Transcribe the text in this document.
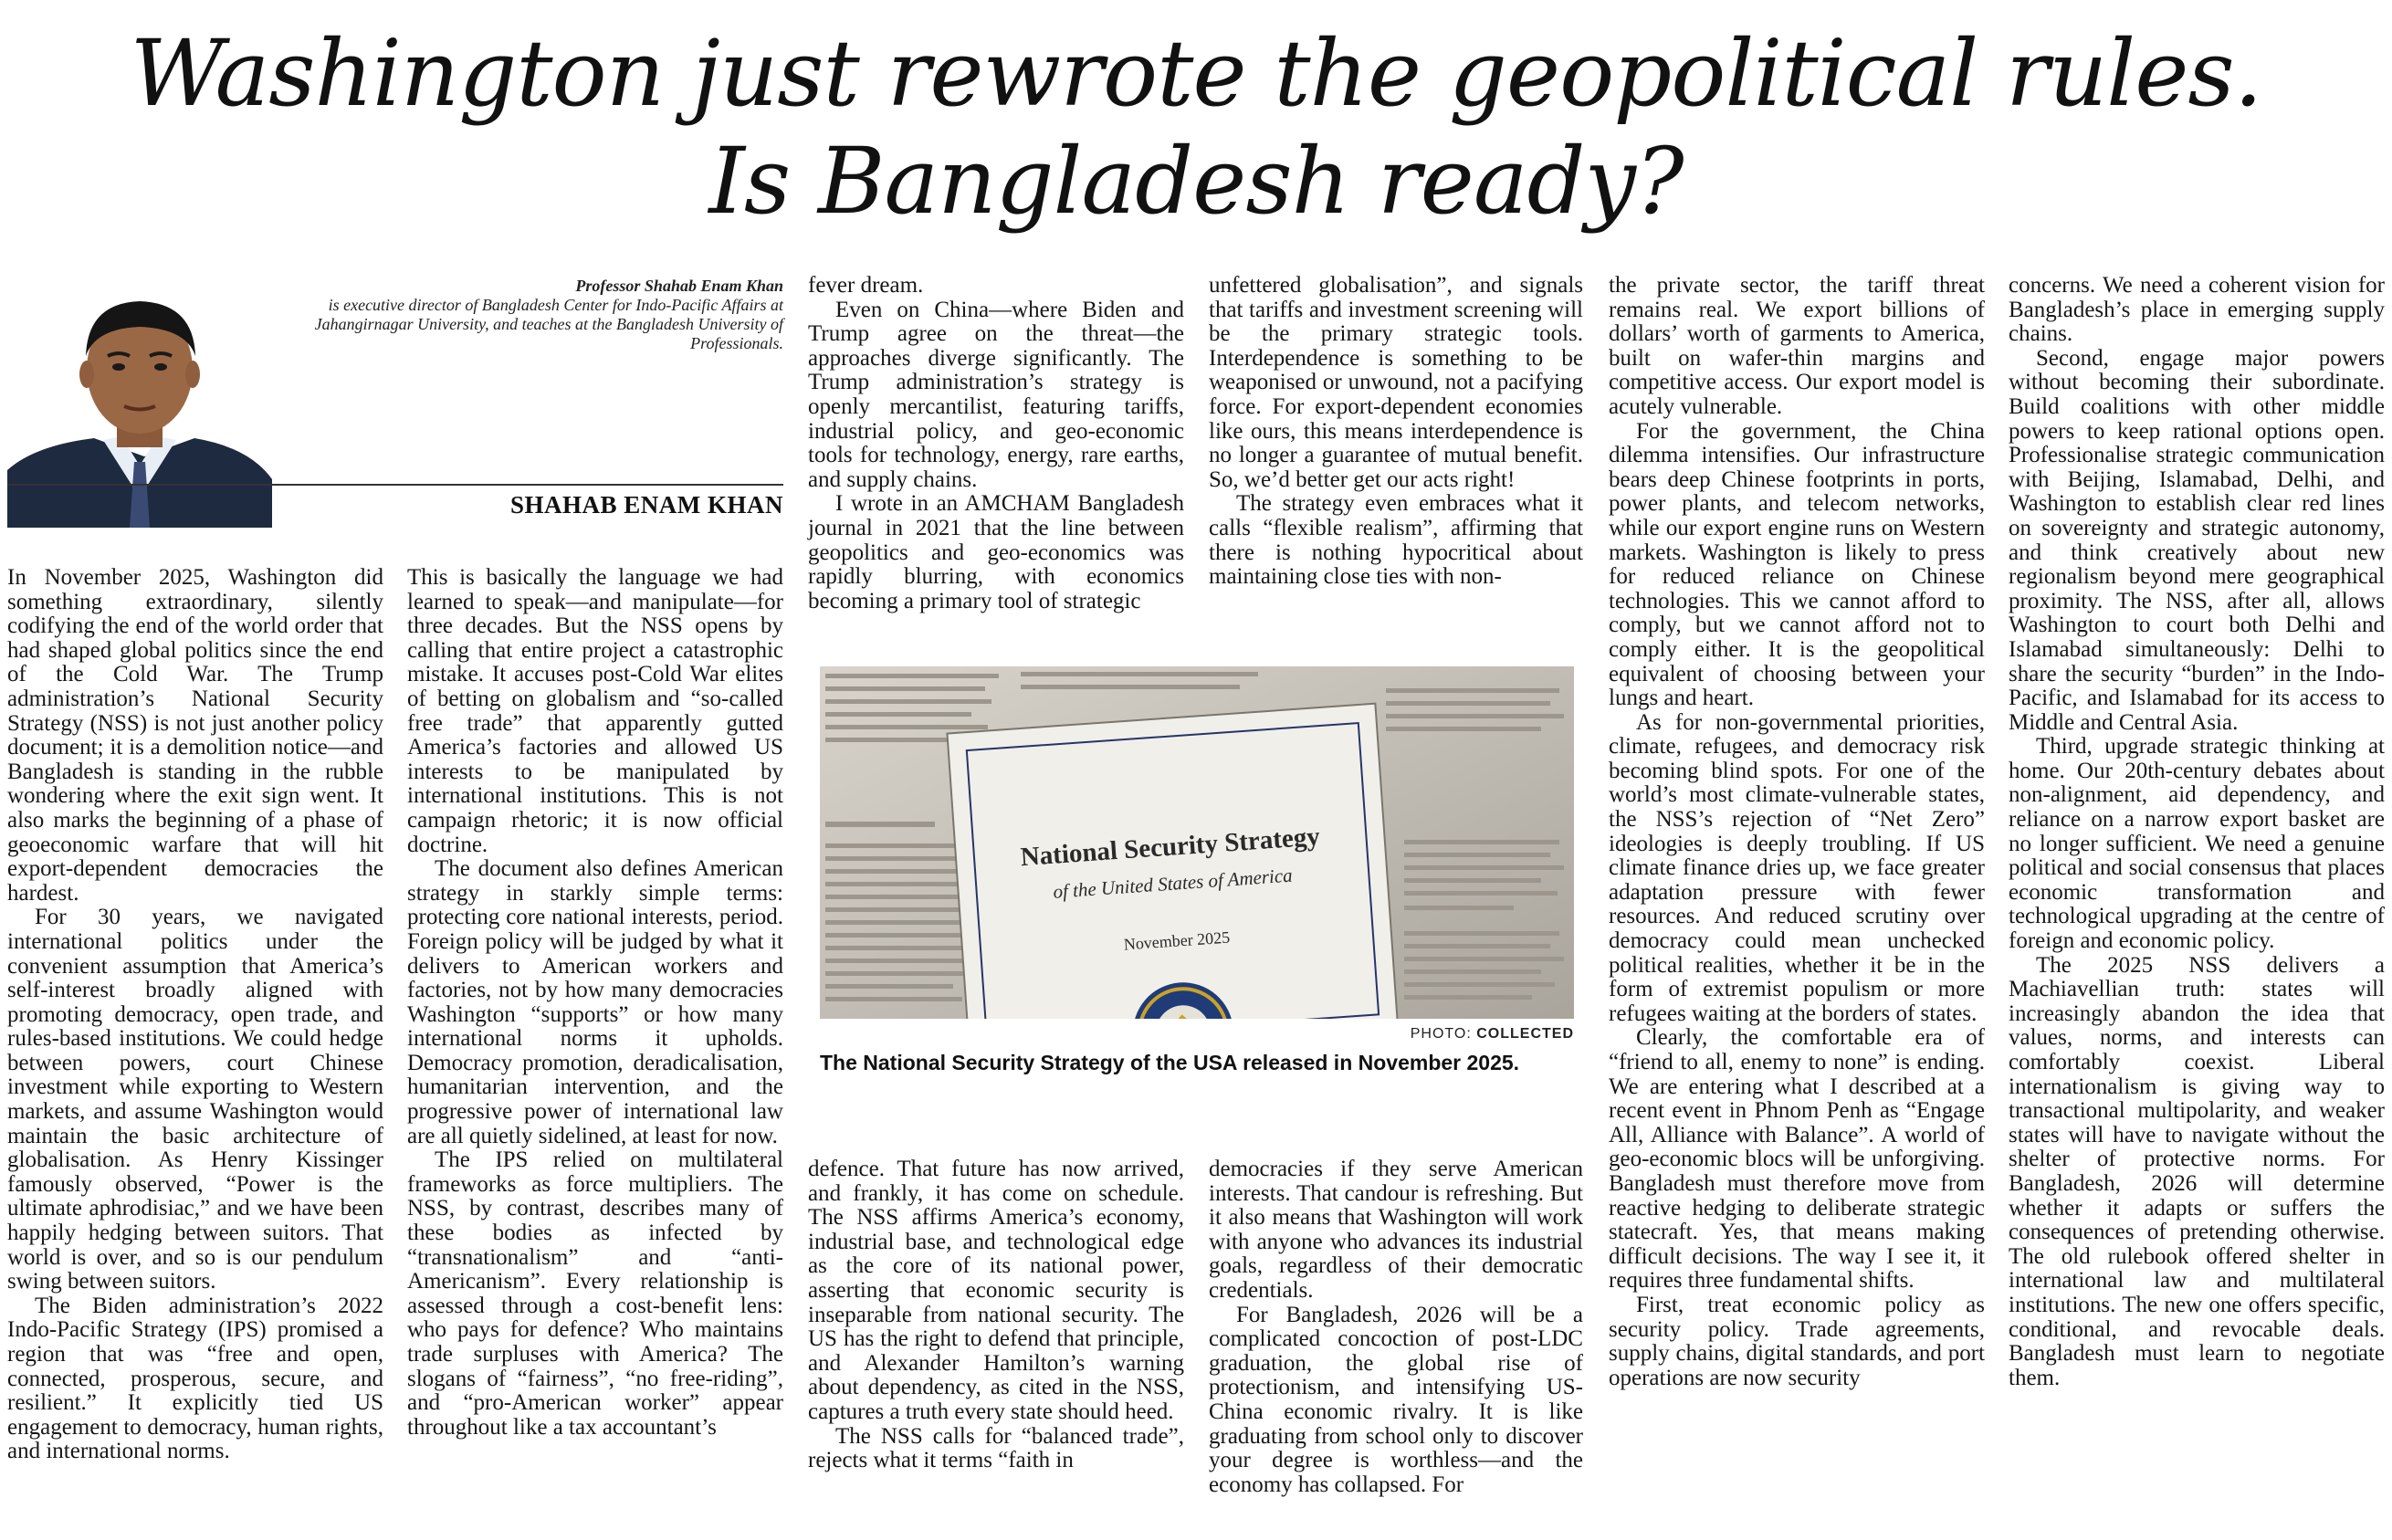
Washington just rewrote the geopolitical rules.
Is Bangladesh ready?
Professor Shahab Enam Khan
is executive director of Bangladesh Center for Indo-Pacific Affairs at Jahangirnagar University, and teaches at the Bangladesh University of Professionals.
SHAHAB ENAM KHAN

In November 2025, Washington did something extraordinary, silently codifying the end of the world order that had shaped global politics since the end of the Cold War. The Trump administration’s National Security Strategy (NSS) is not just another policy document; it is a demolition notice—and Bangladesh is standing in the rubble wondering where the exit sign went. It also marks the beginning of a phase of geoeconomic warfare that will hit export-dependent democracies the hardest.

For 30 years, we navigated international politics under the convenient assumption that America’s self-interest broadly aligned with promoting democracy, open trade, and rules-based institutions. We could hedge between powers, court Chinese investment while exporting to Western markets, and assume Washington would maintain the basic architecture of globalisation. As Henry Kissinger famously observed, “Power is the ultimate aphrodisiac,” and we have been happily hedging between suitors. That world is over, and so is our pendulum swing between suitors.

The Biden administration’s 2022 Indo-Pacific Strategy (IPS) promised a region that was “free and open, connected, prosperous, secure, and resilient.” It explicitly tied US engagement to democracy, human rights, and international norms.

This is basically the language we had learned to speak—and manipulate—for three decades. But the NSS opens by calling that entire project a catastrophic mistake. It accuses post-Cold War elites of betting on globalism and “so-called free trade” that apparently gutted America’s factories and allowed US interests to be manipulated by international institutions. This is not campaign rhetoric; it is now official doctrine.

The document also defines American strategy in starkly simple terms: protecting core national interests, period. Foreign policy will be judged by what it delivers to American workers and factories, not by how many democracies Washington “supports” or how many international norms it upholds. Democracy promotion, deradicalisation, humanitarian intervention, and the progressive power of international law are all quietly sidelined, at least for now.

The IPS relied on multilateral frameworks as force multipliers. The NSS, by contrast, describes many of these bodies as infected by “transnationalism” and “anti-Americanism”. Every relationship is assessed through a cost-benefit lens: who pays for defence? Who maintains trade surpluses with America? The slogans of “fairness”, “no free-riding”, and “pro-American worker” appear throughout like a tax accountant’s

fever dream.

Even on China—where Biden and Trump agree on the threat—the approaches diverge significantly. The Trump administration’s strategy is openly mercantilist, featuring tariffs, industrial policy, and geo-economic tools for technology, energy, rare earths, and supply chains.

I wrote in an AMCHAM Bangladesh journal in 2021 that the line between geopolitics and geo-economics was rapidly blurring, with economics becoming a primary tool of strategic

unfettered globalisation”, and signals that tariffs and investment screening will be the primary strategic tools. Interdependence is something to be weaponised or unwound, not a pacifying force. For export-dependent economies like ours, this means interdependence is no longer a guarantee of mutual benefit. So, we’d better get our acts right!

The strategy even embraces what it calls “flexible realism”, affirming that there is nothing hypocritical about maintaining close ties with non-

National Security Strategy
of the United States of America
November 2025
PHOTO: COLLECTED
The National Security Strategy of the USA released in November 2025.

defence. That future has now arrived, and frankly, it has come on schedule. The NSS affirms America’s economy, industrial base, and technological edge as the core of its national power, asserting that economic security is inseparable from national security. The US has the right to defend that principle, and Alexander Hamilton’s warning about dependency, as cited in the NSS, captures a truth every state should heed.

The NSS calls for “balanced trade”, rejects what it terms “faith in

democracies if they serve American interests. That candour is refreshing. But it also means that Washington will work with anyone who advances its industrial goals, regardless of their democratic credentials.

For Bangladesh, 2026 will be a complicated concoction of post-LDC graduation, the global rise of protectionism, and intensifying US-China economic rivalry. It is like graduating from school only to discover your degree is worthless—and the economy has collapsed. For

the private sector, the tariff threat remains real. We export billions of dollars’ worth of garments to America, built on wafer-thin margins and competitive access. Our export model is acutely vulnerable.

For the government, the China dilemma intensifies. Our infrastructure bears deep Chinese footprints in ports, power plants, and telecom networks, while our export engine runs on Western markets. Washington is likely to press for reduced reliance on Chinese technologies. This we cannot afford to comply, but we cannot afford not to comply either. It is the geopolitical equivalent of choosing between your lungs and heart.

As for non-governmental priorities, climate, refugees, and democracy risk becoming blind spots. For one of the world’s most climate-vulnerable states, the NSS’s rejection of “Net Zero” ideologies is deeply troubling. If US climate finance dries up, we face greater adaptation pressure with fewer resources. And reduced scrutiny over democracy could mean unchecked political realities, whether it be in the form of extremist populism or more refugees waiting at the borders of states.

Clearly, the comfortable era of “friend to all, enemy to none” is ending. We are entering what I described at a recent event in Phnom Penh as “Engage All, Alliance with Balance”. A world of geo-economic blocs will be unforgiving. Bangladesh must therefore move from reactive hedging to deliberate strategic statecraft. Yes, that means making difficult decisions. The way I see it, it requires three fundamental shifts.

First, treat economic policy as security policy. Trade agreements, supply chains, digital standards, and port operations are now security

concerns. We need a coherent vision for Bangladesh’s place in emerging supply chains.

Second, engage major powers without becoming their subordinate. Build coalitions with other middle powers to keep rational options open. Professionalise strategic communication with Beijing, Islamabad, Delhi, and Washington to establish clear red lines on sovereignty and strategic autonomy, and think creatively about new regionalism beyond mere geographical proximity. The NSS, after all, allows Washington to court both Delhi and Islamabad simultaneously: Delhi to share the security “burden” in the Indo-Pacific, and Islamabad for its access to Middle and Central Asia.

Third, upgrade strategic thinking at home. Our 20th-century debates about non-alignment, aid dependency, and reliance on a narrow export basket are no longer sufficient. We need a genuine political and social consensus that places economic transformation and technological upgrading at the centre of foreign and economic policy.

The 2025 NSS delivers a Machiavellian truth: states will increasingly abandon the idea that values, norms, and interests can comfortably coexist. Liberal internationalism is giving way to transactional multipolarity, and weaker states will have to navigate without the shelter of protective norms. For Bangladesh, 2026 will determine whether it adapts or suffers the consequences of pretending otherwise. The old rulebook offered shelter in international law and multilateral institutions. The new one offers specific, conditional, and revocable deals. Bangladesh must learn to negotiate them.
